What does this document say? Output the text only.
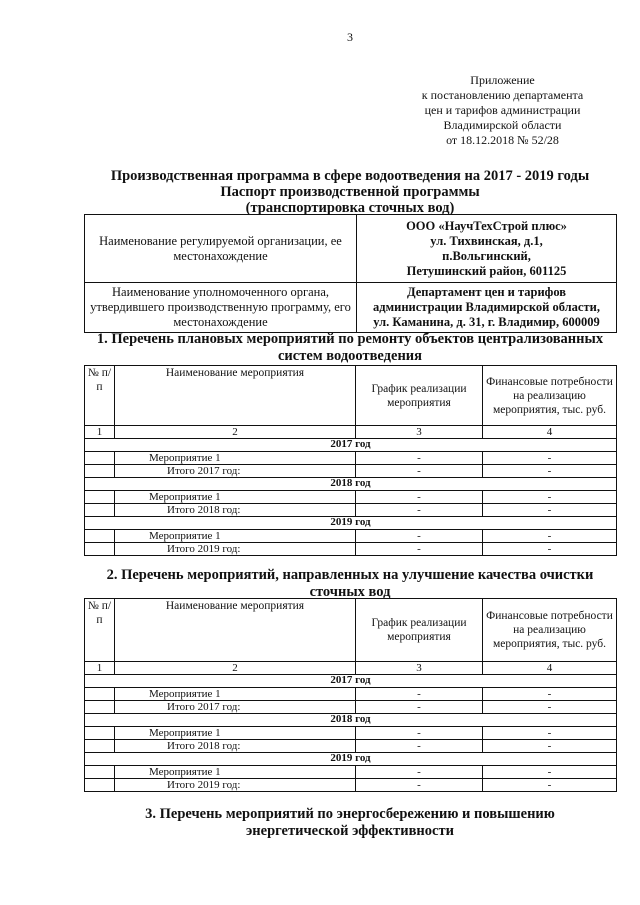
3
Приложение
к постановлению департамента
цен и тарифов администрации
Владимирской области
от 18.12.2018 № 52/28
Производственная программа в сфере водоотведения на 2017 - 2019 годы
Паспорт производственной программы
(транспортировка сточных вод)
Наименование регулируемой организации, ее местонахождение	ООО «НаучТехСтрой плюс»
ул. Тихвинская, д.1,
п.Вольгинский,
Петушинский район, 601125

Наименование уполномоченного органа, утвердившего производственную программу, его местонахождение	Департамент цен и тарифов
администрации Владимирской области,
ул. Каманина, д. 31, г. Владимир, 600009
1. Перечень плановых мероприятий по ремонту объектов централизованных
систем водоотведения
№ п/п	Наименование мероприятия	График реализации мероприятия	Финансовые потребности на реализацию мероприятия, тыс. руб.
1	2	3	4
2017 год			
	Мероприятие 1	-	-
	Итого 2017 год:	-	-
2018 год			
	Мероприятие 1	-	-
	Итого 2018 год:	-	-
2019 год			
	Мероприятие 1	-	-
	Итого 2019 год:	-	-
2. Перечень мероприятий, направленных на улучшение качества очистки
сточных вод
№ п/п	Наименование мероприятия	График реализации мероприятия	Финансовые потребности на реализацию мероприятия, тыс. руб.
1	2	3	4
2017 год			
	Мероприятие 1	-	-
	Итого 2017 год:	-	-
2018 год			
	Мероприятие 1	-	-
	Итого 2018 год:	-	-
2019 год			
	Мероприятие 1	-	-
	Итого 2019 год:	-	-
3. Перечень мероприятий по энергосбережению и повышению
энергетической эффективности
